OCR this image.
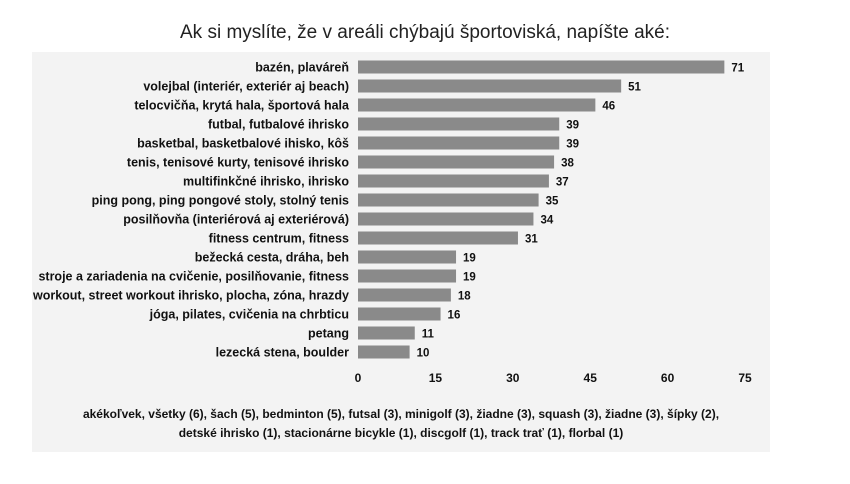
Ak si myslíte, že v areáli chýbajú športoviská, napíšte aké:
bazén, plaváreň	71
volejbal (interiér, exteriér aj beach)	51
telocvičňa, krytá hala, športová hala	46
futbal, futbalové ihrisko	39
basketbal, basketbalové ihisko, kôš	39
tenis, tenisové kurty, tenisové ihrisko	38
multifinkčné ihrisko, ihrisko	37
ping pong, ping pongové stoly, stolný tenis	35
posilňovňa (interiérová aj exteriérová)	34
fitness centrum, fitness	31
bežecká cesta, dráha, beh	19
stroje a zariadenia na cvičenie, posilňovanie, fitness	19
workout, street workout ihrisko, plocha, zóna, hrazdy	18
jóga, pilates, cvičenia na chrbticu	16
petang	11
lezecká stena, boulder	10
0	15	30	45	60	75
akékoľvek, všetky (6), šach (5), bedminton (5), futsal (3), minigolf (3), žiadne (3), squash (3), žiadne (3), šípky (2),
detské ihrisko (1), stacionárne bicykle (1), discgolf (1), track trať (1), florbal (1)
